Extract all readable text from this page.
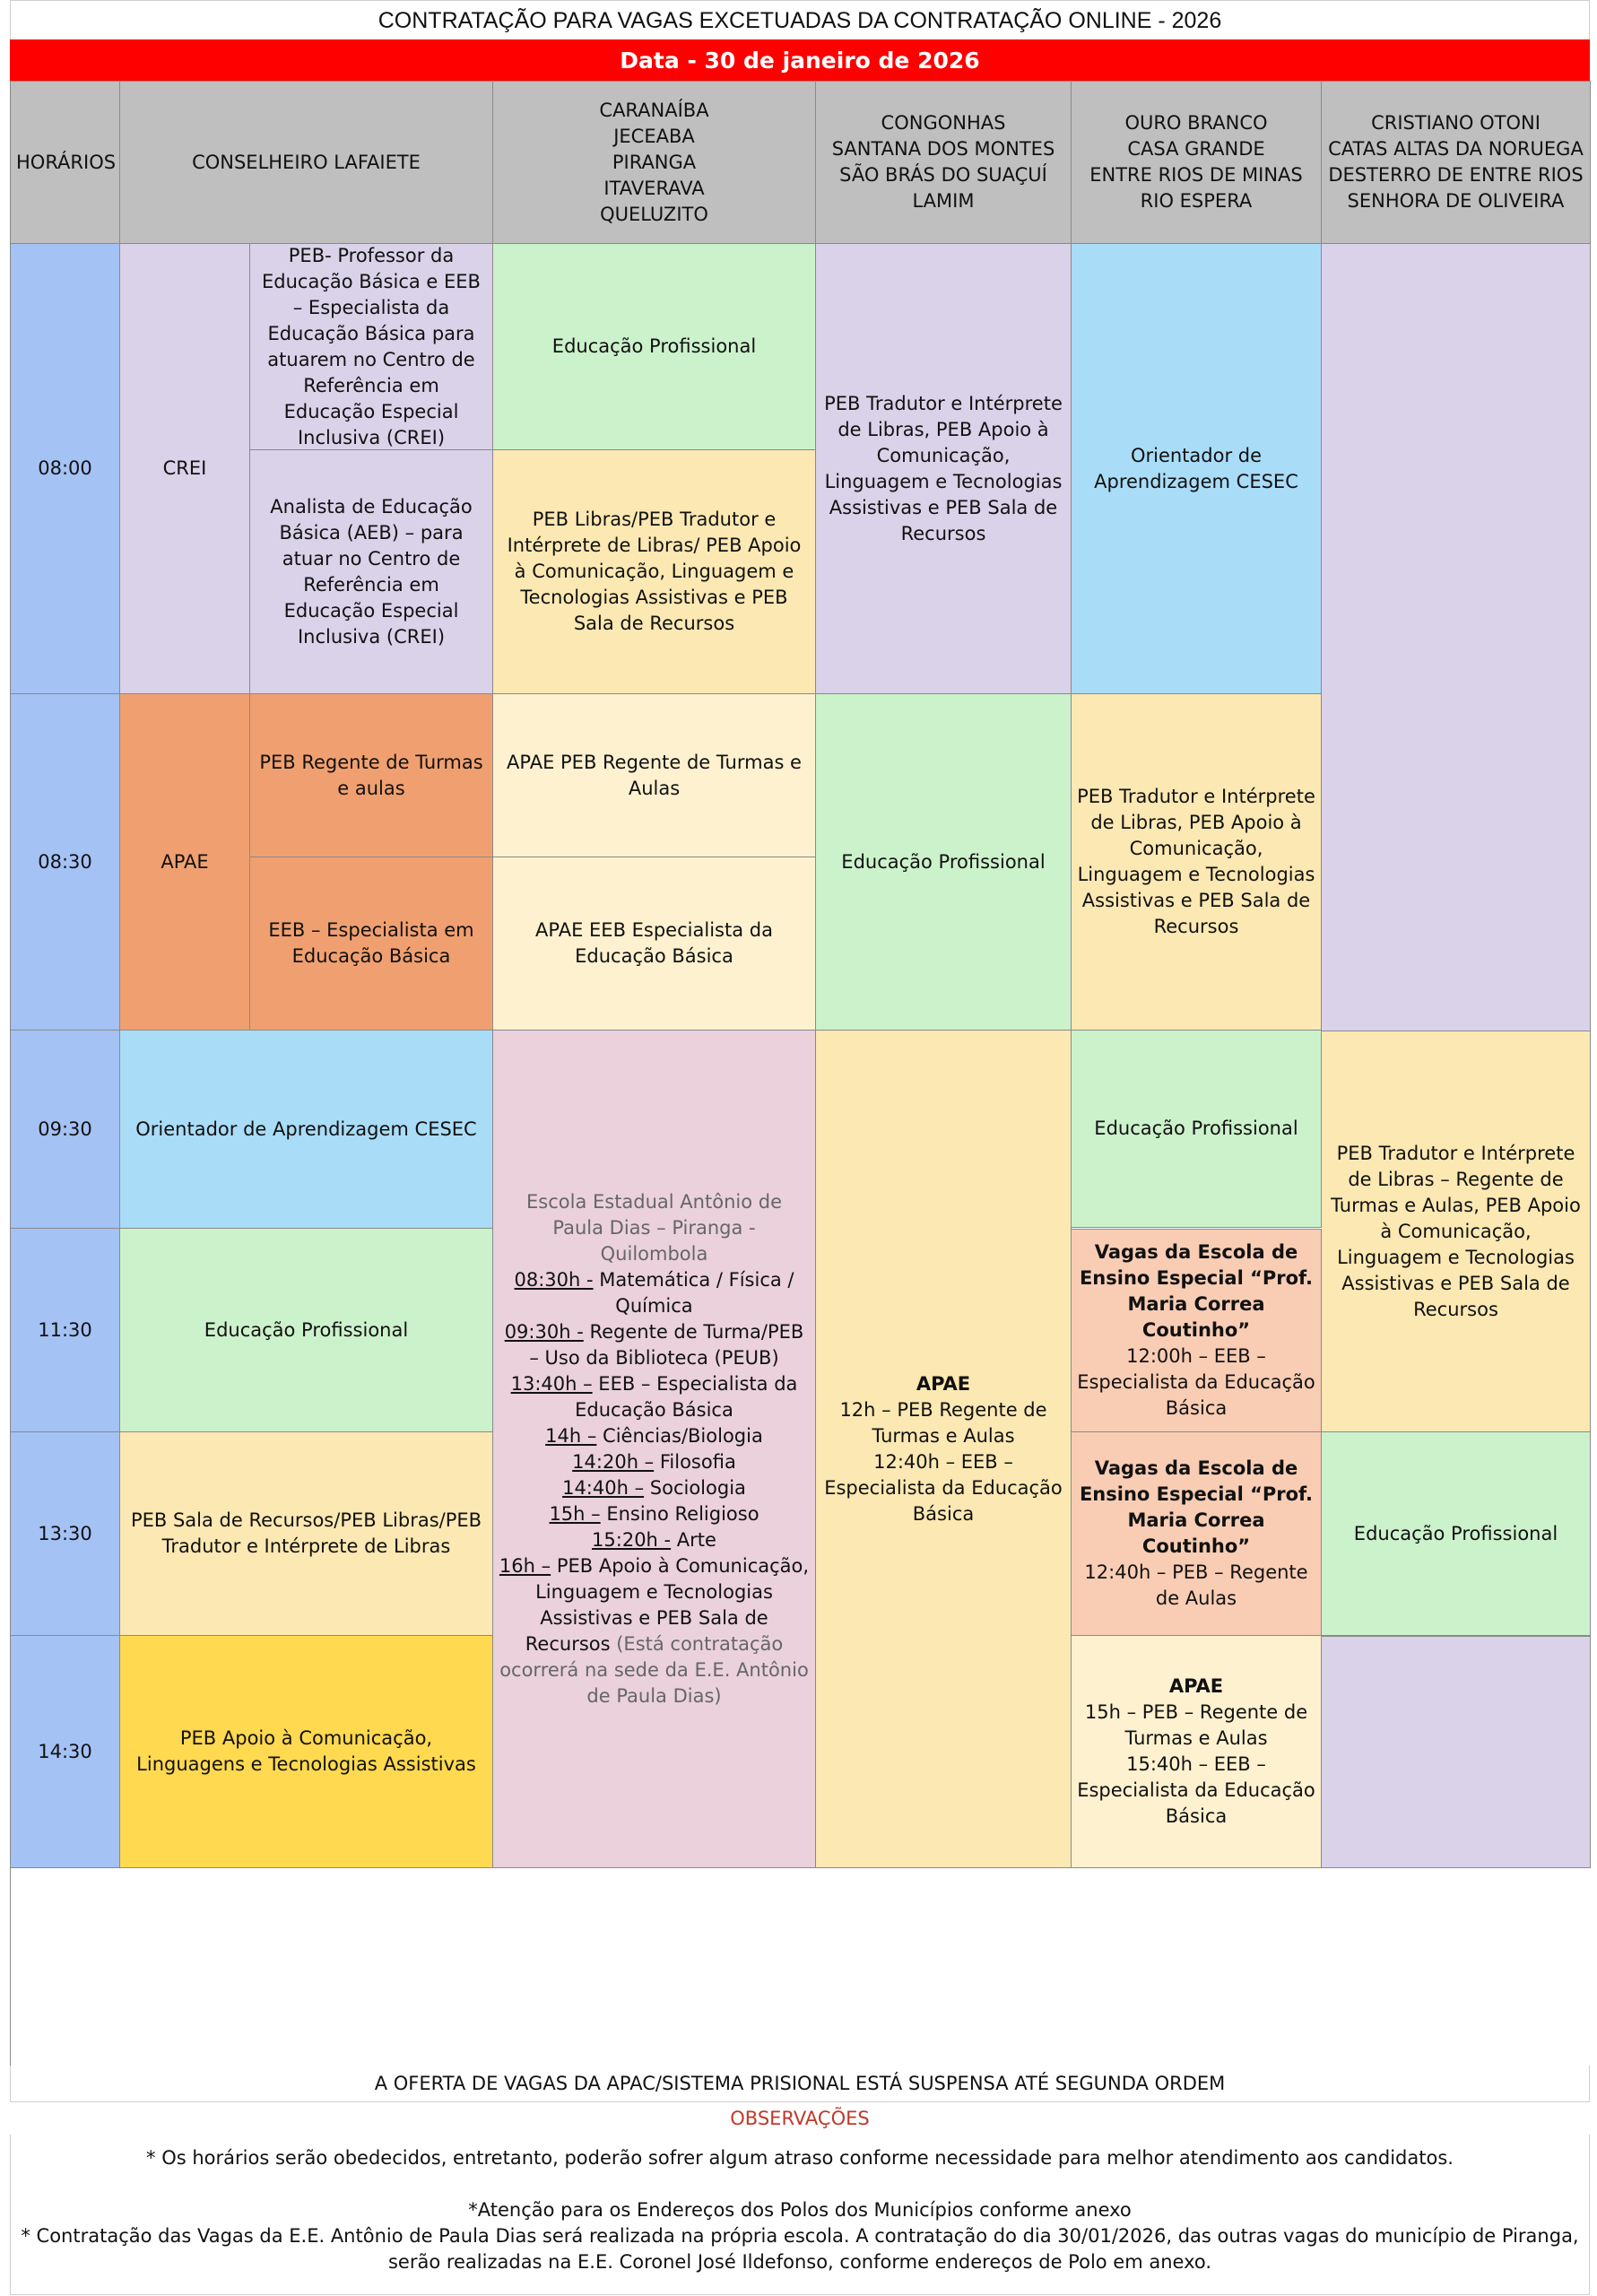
CONTRATAÇÃO PARA VAGAS EXCETUADAS DA CONTRATAÇÃO ONLINE - 2026
Data - 30 de janeiro de 2026
HORÁRIOS	CONSELHEIRO LAFAIETE
CARANAÍBA
JECEABA
PIRANGA
ITAVERAVA
QUELUZITO
CONGONHAS
SANTANA DOS MONTES
SÃO BRÁS DO SUAÇUÍ
LAMIM
OURO BRANCO
CASA GRANDE
ENTRE RIOS DE MINAS
RIO ESPERA
CRISTIANO OTONI
CATAS ALTAS DA NORUEGA
DESTERRO DE ENTRE RIOS
SENHORA DE OLIVEIRA
08:00
08:30
09:30
11:30
13:30
14:30
CREI
PEB- Professor da Educação Básica e EEB – Especialista da Educação Básica para atuarem no Centro de Referência em Educação Especial Inclusiva (CREI)
Analista de Educação Básica (AEB) – para atuar no Centro de Referência em Educação Especial Inclusiva (CREI)
APAE
PEB Regente de Turmas e aulas
EEB – Especialista em Educação Básica
Orientador de Aprendizagem CESEC
Educação Profissional
PEB Sala de Recursos/PEB Libras/PEB Tradutor e Intérprete de Libras
PEB Apoio à Comunicação, Linguagens e Tecnologias Assistivas
Educação Profissional
PEB Libras/PEB Tradutor e Intérprete de Libras/ PEB Apoio à Comunicação, Linguagem e Tecnologias Assistivas e PEB Sala de Recursos
APAE PEB Regente de Turmas e Aulas
APAE EEB Especialista da Educação Básica
Escola Estadual Antônio de Paula Dias – Piranga - Quilombola
08:30h - Matemática / Física / Química
09:30h - Regente de Turma/PEB – Uso da Biblioteca (PEUB)
13:40h – EEB – Especialista da Educação Básica
14h – Ciências/Biologia
14:20h – Filosofia
14:40h – Sociologia
15h – Ensino Religioso
15:20h - Arte
16h – PEB Apoio à Comunicação, Linguagem e Tecnologias Assistivas e PEB Sala de Recursos (Está contratação ocorrerá na sede da E.E. Antônio de Paula Dias)
PEB Tradutor e Intérprete de Libras, PEB Apoio à Comunicação, Linguagem e Tecnologias Assistivas e PEB Sala de Recursos
Educação Profissional
APAE
12h – PEB Regente de Turmas e Aulas
12:40h – EEB – Especialista da Educação Básica
Orientador de Aprendizagem CESEC
PEB Tradutor e Intérprete de Libras, PEB Apoio à Comunicação, Linguagem e Tecnologias Assistivas e PEB Sala de Recursos
Educação Profissional
Vagas da Escola de Ensino Especial “Prof. Maria Correa Coutinho”
12:00h – EEB – Especialista da Educação Básica
Vagas da Escola de Ensino Especial “Prof. Maria Correa Coutinho”
12:40h – PEB – Regente de Aulas
APAE
15h – PEB – Regente de Turmas e Aulas
15:40h – EEB – Especialista da Educação Básica
PEB Tradutor e Intérprete de Libras – Regente de Turmas e Aulas, PEB Apoio à Comunicação, Linguagem e Tecnologias Assistivas e PEB Sala de Recursos
Educação Profissional
A OFERTA DE VAGAS DA APAC/SISTEMA PRISIONAL ESTÁ SUSPENSA ATÉ SEGUNDA ORDEM
OBSERVAÇÕES

* Os horários serão obedecidos, entretanto, poderão sofrer algum atraso conforme necessidade para melhor atendimento aos candidatos.

*Atenção para os Endereços dos Polos dos Municípios conforme anexo

* Contratação das Vagas da E.E. Antônio de Paula Dias será realizada na própria escola. A contratação do dia 30/01/2026, das outras vagas do município de Piranga, serão realizadas na E.E. Coronel José Ildefonso, conforme endereços de Polo em anexo.
